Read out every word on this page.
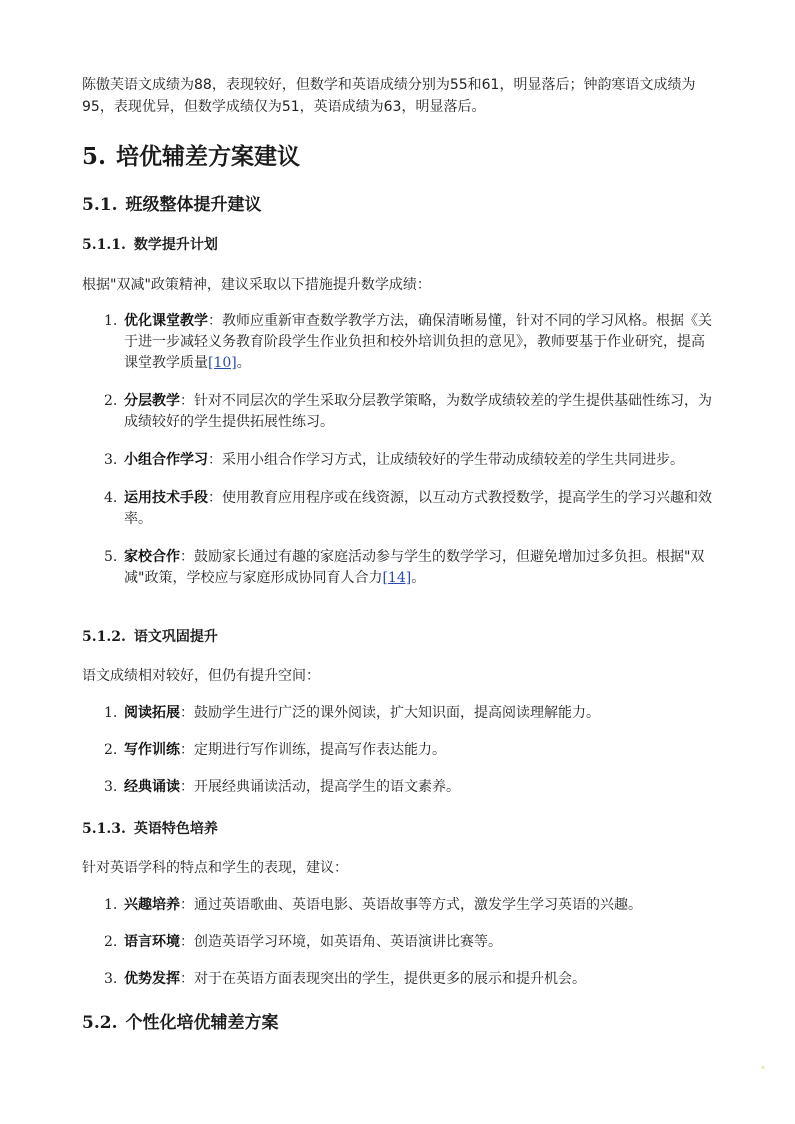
陈傲芙语文成绩为88，表现较好，但数学和英语成绩分别为55和61，明显落后；钟韵寒语文成绩为95，表现优异，但数学成绩仅为51，英语成绩为63，明显落后。
5. 培优辅差方案建议
5.1. 班级整体提升建议
5.1.1. 数学提升计划
根据"双减"政策精神，建议采取以下措施提升数学成绩：
1. 优化课堂教学：教师应重新审查数学教学方法，确保清晰易懂，针对不同的学习风格。根据《关于进一步减轻义务教育阶段学生作业负担和校外培训负担的意见》，教师要基于作业研究，提高课堂教学质量[10]。
2. 分层教学：针对不同层次的学生采取分层教学策略，为数学成绩较差的学生提供基础性练习，为成绩较好的学生提供拓展性练习。
3. 小组合作学习：采用小组合作学习方式，让成绩较好的学生带动成绩较差的学生共同进步。
4. 运用技术手段：使用教育应用程序或在线资源，以互动方式教授数学，提高学生的学习兴趣和效率。
5. 家校合作：鼓励家长通过有趣的家庭活动参与学生的数学学习，但避免增加过多负担。根据"双减"政策，学校应与家庭形成协同育人合力[14]。
5.1.2. 语文巩固提升
语文成绩相对较好，但仍有提升空间：
1. 阅读拓展：鼓励学生进行广泛的课外阅读，扩大知识面，提高阅读理解能力。
2. 写作训练：定期进行写作训练，提高写作表达能力。
3. 经典诵读：开展经典诵读活动，提高学生的语文素养。
5.1.3. 英语特色培养
针对英语学科的特点和学生的表现，建议：
1. 兴趣培养：通过英语歌曲、英语电影、英语故事等方式，激发学生学习英语的兴趣。
2. 语言环境：创造英语学习环境，如英语角、英语演讲比赛等。
3. 优势发挥：对于在英语方面表现突出的学生，提供更多的展示和提升机会。
5.2. 个性化培优辅差方案
•
